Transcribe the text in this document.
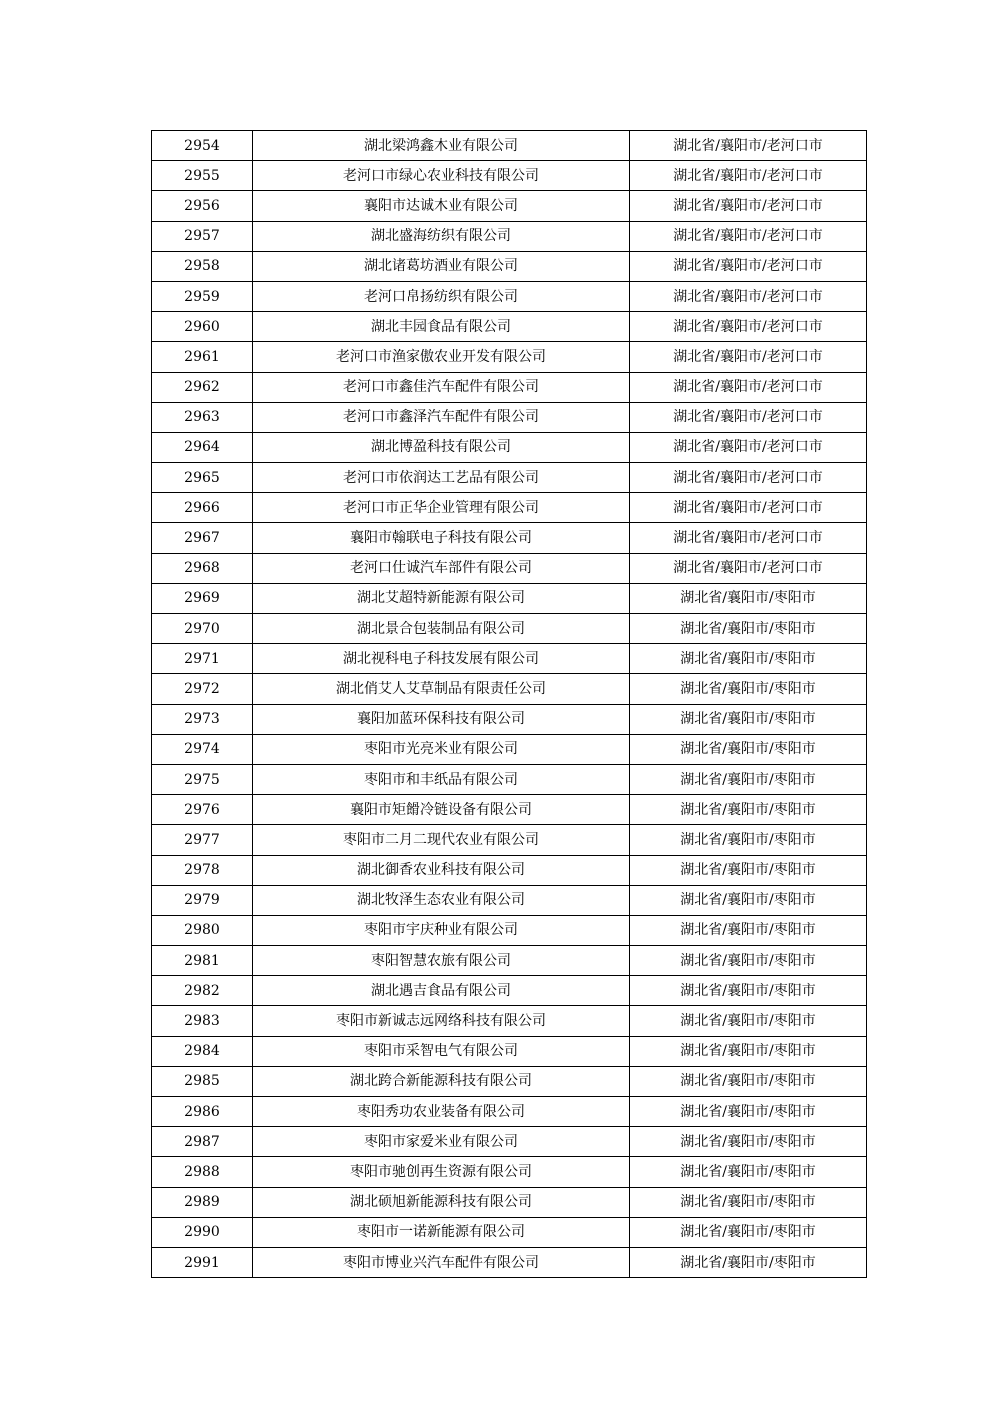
2954	湖北梁鸿鑫木业有限公司	湖北省/襄阳市/老河口市
2955	老河口市绿心农业科技有限公司	湖北省/襄阳市/老河口市
2956	襄阳市达诚木业有限公司	湖北省/襄阳市/老河口市
2957	湖北盛海纺织有限公司	湖北省/襄阳市/老河口市
2958	湖北诸葛坊酒业有限公司	湖北省/襄阳市/老河口市
2959	老河口帛扬纺织有限公司	湖北省/襄阳市/老河口市
2960	湖北丰园食品有限公司	湖北省/襄阳市/老河口市
2961	老河口市渔家傲农业开发有限公司	湖北省/襄阳市/老河口市
2962	老河口市鑫佳汽车配件有限公司	湖北省/襄阳市/老河口市
2963	老河口市鑫泽汽车配件有限公司	湖北省/襄阳市/老河口市
2964	湖北博盈科技有限公司	湖北省/襄阳市/老河口市
2965	老河口市依润达工艺品有限公司	湖北省/襄阳市/老河口市
2966	老河口市正华企业管理有限公司	湖北省/襄阳市/老河口市
2967	襄阳市翰联电子科技有限公司	湖北省/襄阳市/老河口市
2968	老河口仕诚汽车部件有限公司	湖北省/襄阳市/老河口市
2969	湖北艾超特新能源有限公司	湖北省/襄阳市/枣阳市
2970	湖北景合包装制品有限公司	湖北省/襄阳市/枣阳市
2971	湖北视科电子科技发展有限公司	湖北省/襄阳市/枣阳市
2972	湖北俏艾人艾草制品有限责任公司	湖北省/襄阳市/枣阳市
2973	襄阳加蓝环保科技有限公司	湖北省/襄阳市/枣阳市
2974	枣阳市光亮米业有限公司	湖北省/襄阳市/枣阳市
2975	枣阳市和丰纸品有限公司	湖北省/襄阳市/枣阳市
2976	襄阳市矩餶冷链设备有限公司	湖北省/襄阳市/枣阳市
2977	枣阳市二月二现代农业有限公司	湖北省/襄阳市/枣阳市
2978	湖北御香农业科技有限公司	湖北省/襄阳市/枣阳市
2979	湖北牧泽生态农业有限公司	湖北省/襄阳市/枣阳市
2980	枣阳市宇庆种业有限公司	湖北省/襄阳市/枣阳市
2981	枣阳智慧农旅有限公司	湖北省/襄阳市/枣阳市
2982	湖北遇吉食品有限公司	湖北省/襄阳市/枣阳市
2983	枣阳市新诚志远网络科技有限公司	湖北省/襄阳市/枣阳市
2984	枣阳市采智电气有限公司	湖北省/襄阳市/枣阳市
2985	湖北跨合新能源科技有限公司	湖北省/襄阳市/枣阳市
2986	枣阳秀功农业装备有限公司	湖北省/襄阳市/枣阳市
2987	枣阳市家爱米业有限公司	湖北省/襄阳市/枣阳市
2988	枣阳市驰创再生资源有限公司	湖北省/襄阳市/枣阳市
2989	湖北硕旭新能源科技有限公司	湖北省/襄阳市/枣阳市
2990	枣阳市一诺新能源有限公司	湖北省/襄阳市/枣阳市
2991	枣阳市博业兴汽车配件有限公司	湖北省/襄阳市/枣阳市
